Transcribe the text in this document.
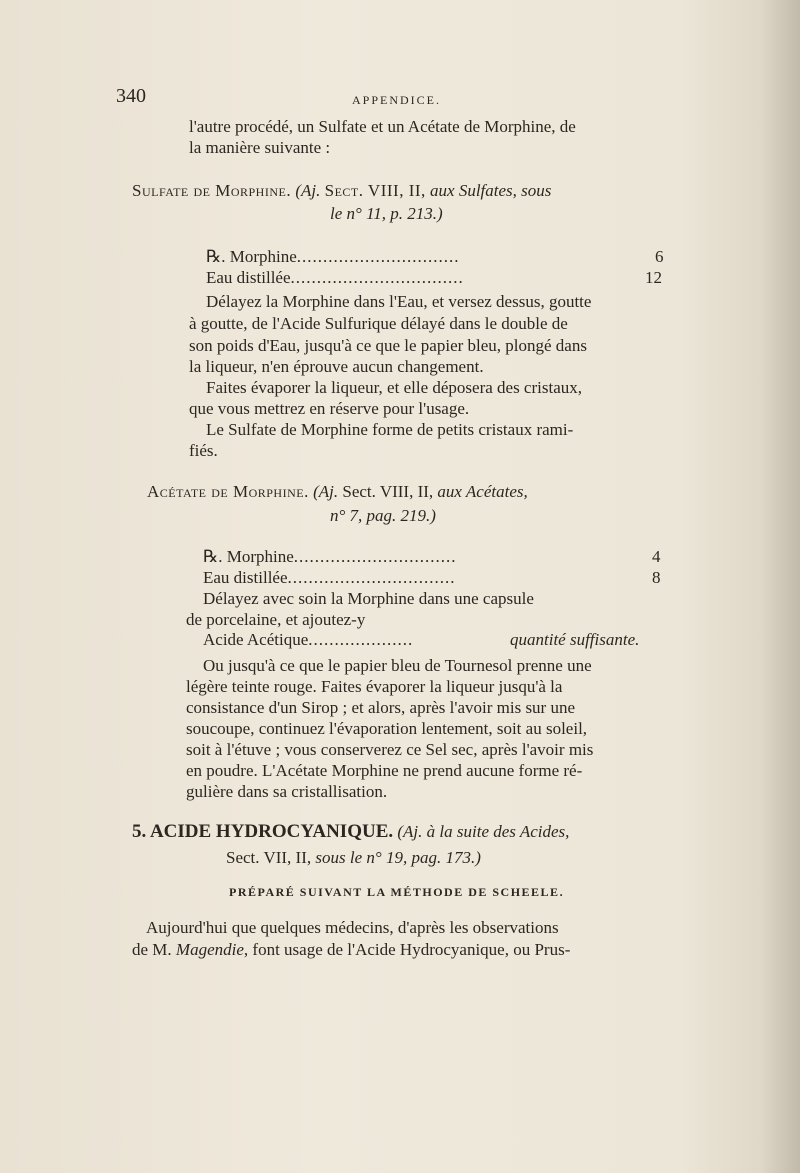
340	APPENDICE.
l'autre procédé, un Sulfate et un Acétate de Morphine, de
la manière suivante :
Sulfate de Morphine. (Aj. Sect. VIII, II, aux Sulfates, sous
le n° 11, p. 213.)
℞. Morphine...............................	6
Eau distillée.................................	12
Délayez la Morphine dans l'Eau, et versez dessus, goutte
à goutte, de l'Acide Sulfurique délayé dans le double de
son poids d'Eau, jusqu'à ce que le papier bleu, plongé dans
la liqueur, n'en éprouve aucun changement.
Faites évaporer la liqueur, et elle déposera des cristaux,
que vous mettrez en réserve pour l'usage.
Le Sulfate de Morphine forme de petits cristaux rami-
fiés.
Acétate de Morphine. (Aj. Sect. VIII, II, aux Acétates,
n° 7, pag. 219.)
℞. Morphine...............................	4
Eau distillée................................	8
Délayez avec soin la Morphine dans une capsule
de porcelaine, et ajoutez-y
Acide Acétique....................	quantité suffisante.
Ou jusqu'à ce que le papier bleu de Tournesol prenne une
légère teinte rouge. Faites évaporer la liqueur jusqu'à la
consistance d'un Sirop ; et alors, après l'avoir mis sur une
soucoupe, continuez l'évaporation lentement, soit au soleil,
soit à l'étuve ; vous conserverez ce Sel sec, après l'avoir mis
en poudre. L'Acétate Morphine ne prend aucune forme ré-
gulière dans sa cristallisation.
5. ACIDE HYDROCYANIQUE. (Aj. à la suite des Acides,
Sect. VII, II, sous le n° 19, pag. 173.)
PRÉPARÉ SUIVANT LA MÉTHODE DE SCHEELE.
Aujourd'hui que quelques médecins, d'après les observations
de M. Magendie, font usage de l'Acide Hydrocyanique, ou Prus-
